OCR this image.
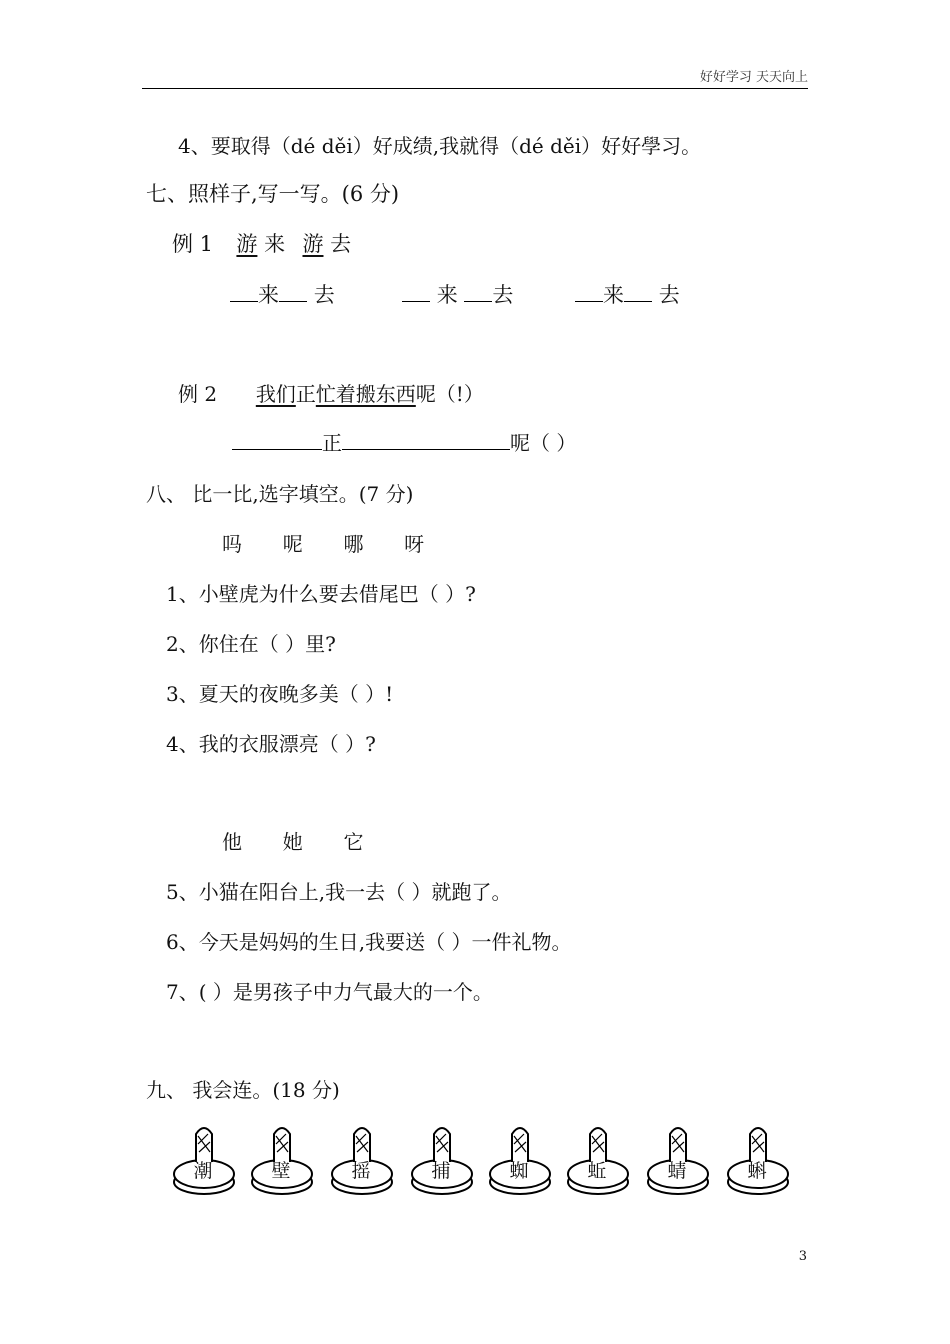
好好学习 天天向上
4、要取得（dé děi）好成绩,我就得（dé děi）好好學习。
七、照样子,写一写。(6 分)
例 1 游 来 游 去
来 去	来 去	来 去
例 2 我们正忙着搬东西呢（!）
正	呢（ ）
八、 比一比,选字填空。(7 分)
吗 呢 哪 呀
1、小壁虎为什么要去借尾巴（ ）?
2、你住在（ ）里?
3、夏天的夜晚多美（ ）!
4、我的衣服漂亮（ ）?
他 她 它
5、小猫在阳台上,我一去（ ）就跑了。
6、今天是妈妈的生日,我要送（ ）一件礼物。
7、( ）是男孩子中力气最大的一个。
九、 我会连。(18 分)
潮	壁	摇	捕	蜘	蚯	蜻	蝌
3
